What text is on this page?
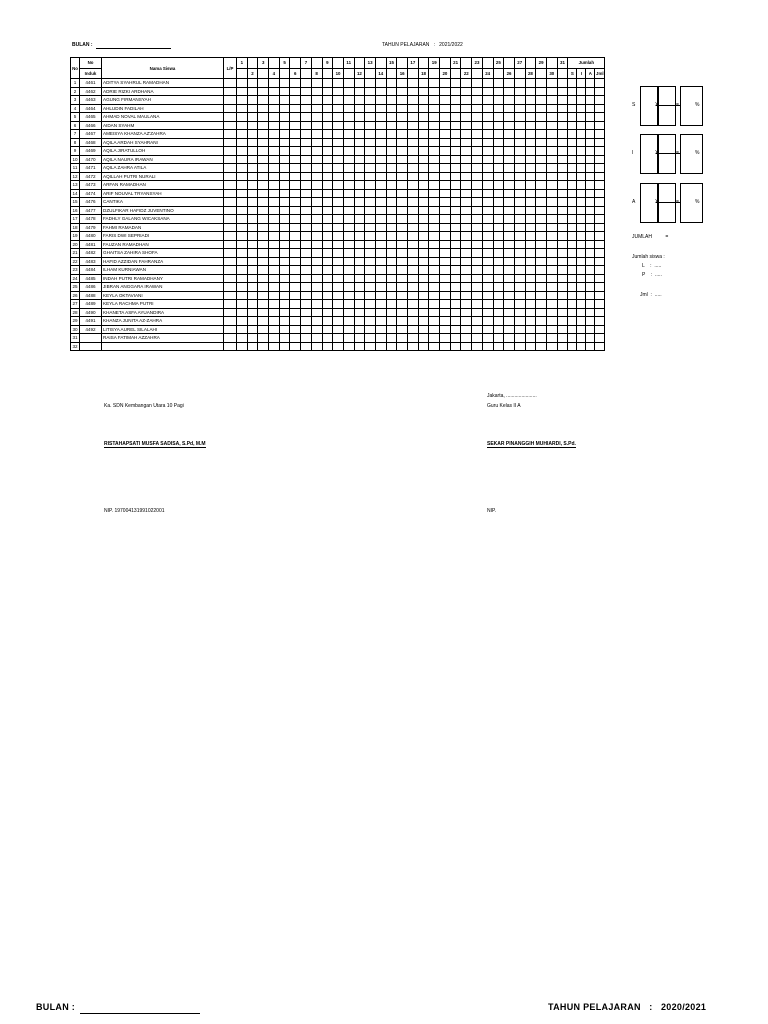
BULAN :	TAHUN PELAJARAN : 2021/2022
No	No	Nama Siswa	L/P	1		3		5		7		9		11		13		15		17		19		21		23		25		27		29		31	Jumlah			
	Induk				2		4		6		8		10		12		14		16		18		20		22		24		26		28		30		S	I	A	Jml
1	4461	ADITYA SYAHRUL RAMADHAN																																				
2	4462	ADRIE RIZKI ARDHANA																																				
3	4463	AGUNG FIRMANSYAH																																				
4	4464	AHLUDIN FADILAH																																				
5	4465	AHMAD NOVAL MAULANA																																				
6	4466	AIDAN SYAHM																																				
7	4467	AMEISYA KHANZA AZ'ZAHRA																																				
8	4468	AQILA ARDAH SYAHRANI																																				
9	4469	AQILA JIRATULLOH																																				
10	4470	AQILA NAURA IRAWAN																																				
11	4471	AQILA ZAHRA ATILA																																				
12	4472	AQILLAH PUTRI NURALI																																				
13	4473	ARFAN RAMADHAN																																				
14	4474	ARIF NOUVAL TRYANSYAH																																				
15	4476	CANTIKA																																				
16	4477	DZULFIKAR HAFIDZ JUVENTINO																																				
17	4478	FADHLY GALANG WICAKSANA																																				
18	4479	FAHMI RAMADAN																																				
19	4480	FARIS DWI SEPRIADI																																				
20	4481	FAUZAN RAMADHAN																																				
21	4482	GHAITSA ZAHIRA SHOFA																																				
22	4483	HAFID AZZIDAN FAHRANZA																																				
23	4484	ILHAM KURNIAWAN																																				
24	4485	INDAH PUTRI RAMADHANY																																				
25	4486	JIBRAN ANGGARA IRAWAN																																				
26	4488	KEYLA OKTAVIANI																																				
27	4489	KEYLA RACHMA PUTRI																																				
28	4490	KHANETA ASFA AYUANDIRA																																				
29	4491	KHANZA JUNITA AZ-ZAHRA																																				
30	4492	LITISYA AUREL SILALAHI																																				
31		RAISA FATIMAH AZZAHRA																																				
32																																						
S	X	=	%
I	X	=	%
A	X	=	%
JUMLAH	=
Jumlah siswa :
L    :  .....
P    :  .....
Jml  :  .....
Jakarta, ......................
Guru Kelas II A
Ka. SDN Kembangan Utara 10 Pagi
RISTAHAPSATI MUSFA SADISA, S.Pd, M.M	SEKAR PINANGGIH MUHIARDI, S.Pd.
NIP. 197004131991022001	NIP.
BULAN :	TAHUN PELAJARAN : 2020/2021
